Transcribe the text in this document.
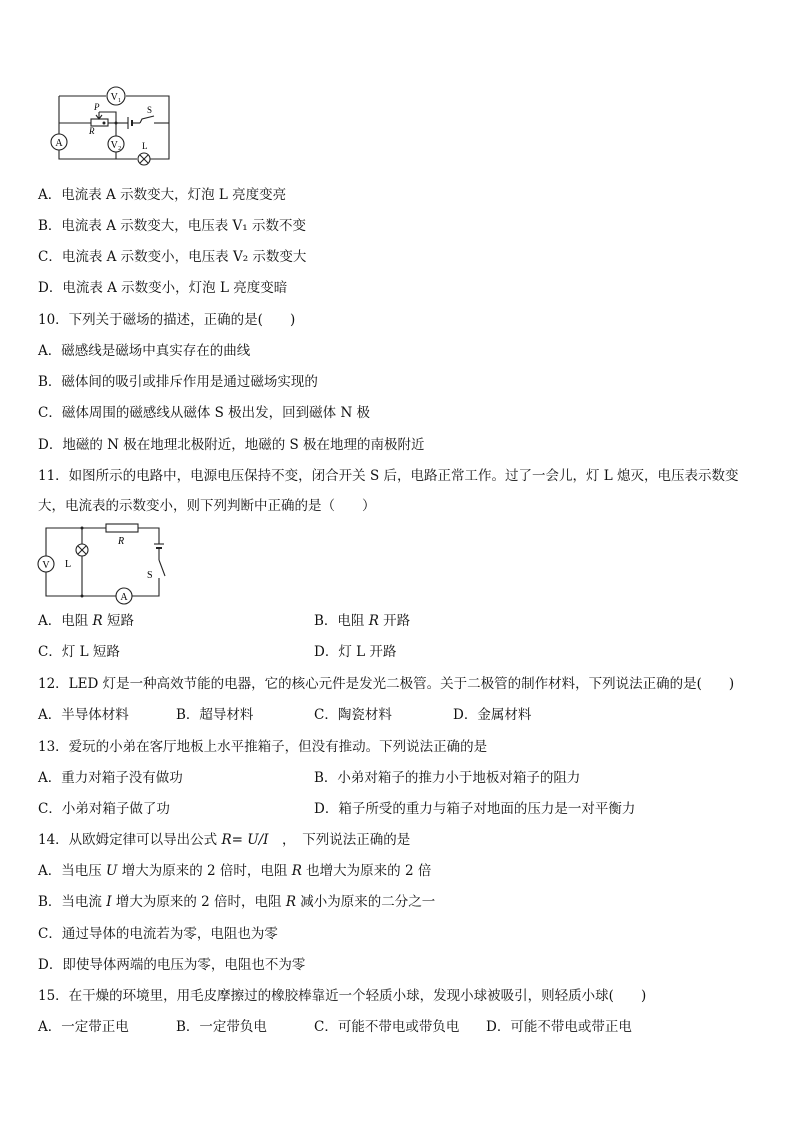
V₁
A	V₂
P
R
S
L
A．电流表 A 示数变大，灯泡 L 亮度变亮
B．电流表 A 示数变大，电压表 V₁ 示数不变
C．电流表 A 示数变小，电压表 V₂ 示数变大
D．电流表 A 示数变小，灯泡 L 亮度变暗
10．下列关于磁场的描述，正确的是(　　)
A．磁感线是磁场中真实存在的曲线
B．磁体间的吸引或排斥作用是通过磁场实现的
C．磁体周围的磁感线从磁体 S 极出发，回到磁体 N 极
D．地磁的 N 极在地理北极附近，地磁的 S 极在地理的南极附近
11．如图所示的电路中，电源电压保持不变，闭合开关 S 后，电路正常工作。过了一会儿，灯 L 熄灭，电压表示数变
大，电流表的示数变小，则下列判断中正确的是（　　）
V L
R
S
A
A．电阻 R 短路	B．电阻 R 开路
C．灯 L 短路	D．灯 L 开路
12．LED 灯是一种高效节能的电器，它的核心元件是发光二极管。关于二极管的制作材料，下列说法正确的是(　　)
A．半导体材料	B．超导材料	C．陶瓷材料	D．金属材料
13．爱玩的小弟在客厅地板上水平推箱子，但没有推动。下列说法正确的是
A．重力对箱子没有做功	B．小弟对箱子的推力小于地板对箱子的阻力
C．小弟对箱子做了功	D．箱子所受的重力与箱子对地面的压力是一对平衡力
14．从欧姆定律可以导出公式 R= U/I　，　下列说法正确的是
A．当电压 U 增大为原来的 2 倍时，电阻 R 也增大为原来的 2 倍
B．当电流 I 增大为原来的 2 倍时，电阻 R 减小为原来的二分之一
C．通过导体的电流若为零，电阻也为零
D．即使导体两端的电压为零，电阻也不为零
15．在干燥的环境里，用毛皮摩擦过的橡胶棒靠近一个轻质小球，发现小球被吸引，则轻质小球(　　)
A．一定带正电	B．一定带负电	C．可能不带电或带负电 D．可能不带电或带正电
